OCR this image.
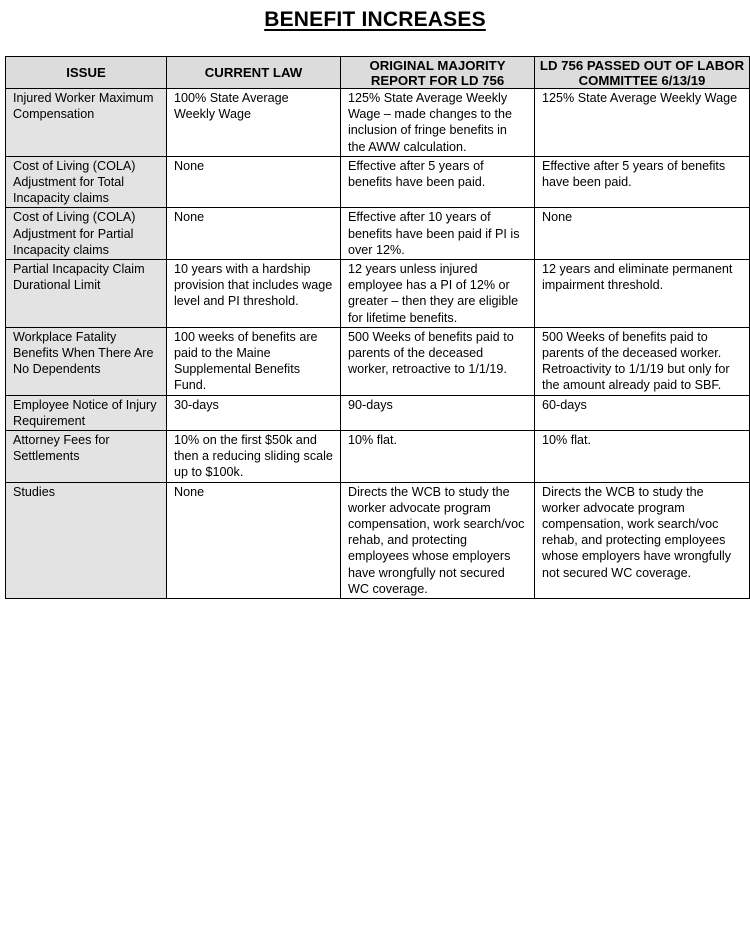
BENEFIT INCREASES
ISSUE	CURRENT LAW	ORIGINAL MAJORITY REPORT FOR LD 756	LD 756 PASSED OUT OF LABOR COMMITTEE 6/13/19
Injured Worker Maximum Compensation	100% State Average Weekly Wage	125% State Average Weekly Wage – made changes to the inclusion of fringe benefits in the AWW calculation.	125% State Average Weekly Wage
Cost of Living (COLA) Adjustment for Total Incapacity claims	None	Effective after 5 years of benefits have been paid.	Effective after 5 years of benefits have been paid.
Cost of Living (COLA) Adjustment for Partial Incapacity claims	None	Effective after 10 years of benefits have been paid if PI is over 12%.	None
Partial Incapacity Claim Durational Limit	10 years with a hardship provision that includes wage level and PI threshold.	12 years unless injured employee has a PI of 12% or greater – then they are eligible for lifetime benefits.	12 years and eliminate permanent impairment threshold.
Workplace Fatality Benefits When There Are No Dependents	100 weeks of benefits are paid to the Maine Supplemental Benefits Fund.	500 Weeks of benefits paid to parents of the deceased worker, retroactive to 1/1/19.	500 Weeks of benefits paid to parents of the deceased worker. Retroactivity to 1/1/19 but only for the amount already paid to SBF.
Employee Notice of Injury Requirement	30-days	90-days	60-days
Attorney Fees for Settlements	10% on the first $50k and then a reducing sliding scale up to $100k.	10% flat.	10% flat.
Studies	None	Directs the WCB to study the worker advocate program compensation, work search/voc rehab, and protecting employees whose employers have wrongfully not secured WC coverage.	Directs the WCB to study the worker advocate program compensation, work search/voc rehab, and protecting employees whose employers have wrongfully not secured WC coverage.
